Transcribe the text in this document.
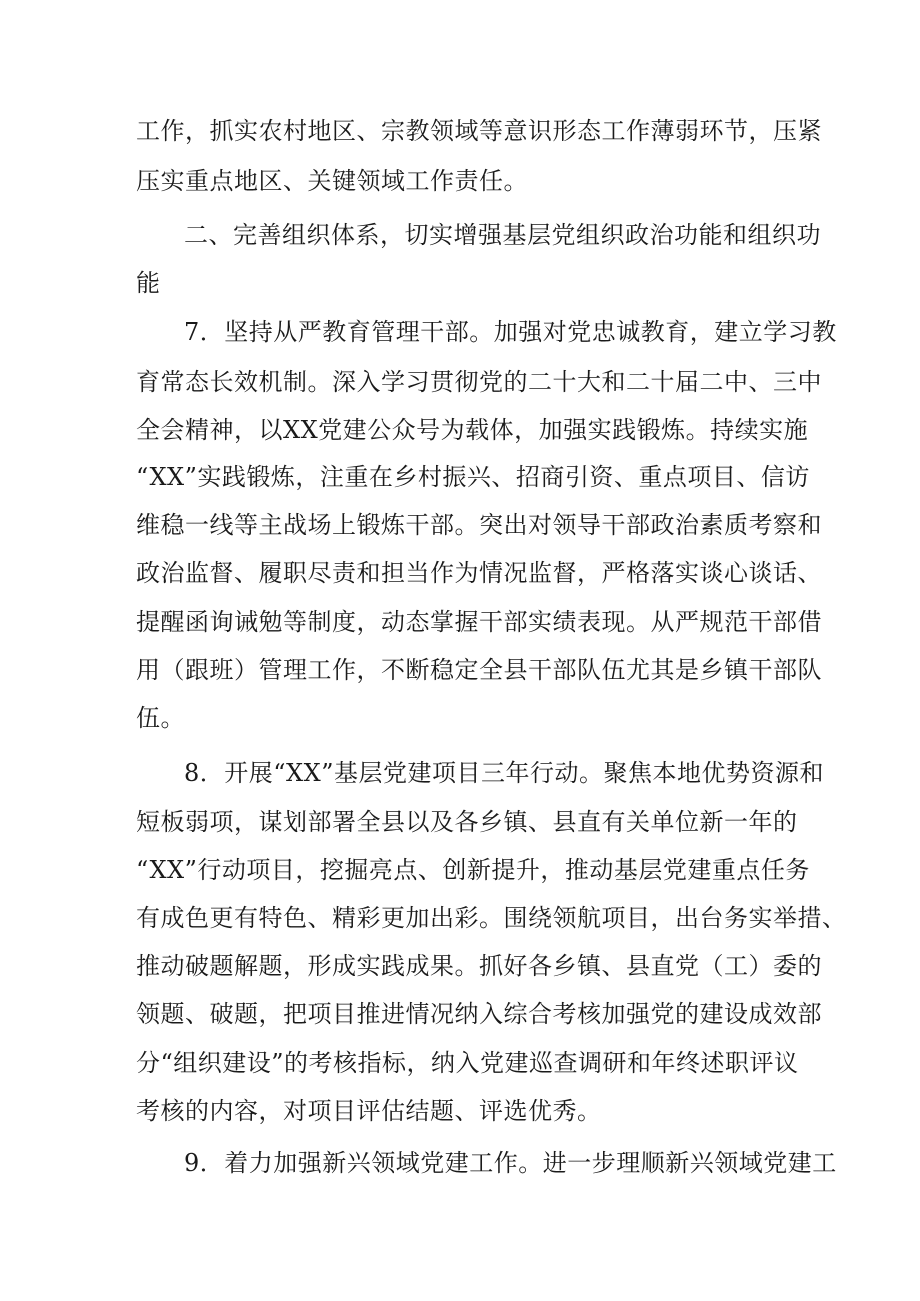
工作，抓实农村地区、宗教领域等意识形态工作薄弱环节，压紧
压实重点地区、关键领域工作责任。
二、完善组织体系，切实增强基层党组织政治功能和组织功
能
7．坚持从严教育管理干部。加强对党忠诚教育，建立学习教
育常态长效机制。深入学习贯彻党的二十大和二十届二中、三中
全会精神，以XX党建公众号为载体，加强实践锻炼。持续实施
“XX”实践锻炼，注重在乡村振兴、招商引资、重点项目、信访
维稳一线等主战场上锻炼干部。突出对领导干部政治素质考察和
政治监督、履职尽责和担当作为情况监督，严格落实谈心谈话、
提醒函询诫勉等制度，动态掌握干部实绩表现。从严规范干部借
用（跟班）管理工作，不断稳定全县干部队伍尤其是乡镇干部队
伍。
8．开展“XX”基层党建项目三年行动。聚焦本地优势资源和
短板弱项，谋划部署全县以及各乡镇、县直有关单位新一年的
“XX”行动项目，挖掘亮点、创新提升，推动基层党建重点任务
有成色更有特色、精彩更加出彩。围绕领航项目，出台务实举措、
推动破题解题，形成实践成果。抓好各乡镇、县直党（工）委的
领题、破题，把项目推进情况纳入综合考核加强党的建设成效部
分“组织建设”的考核指标，纳入党建巡查调研和年终述职评议
考核的内容，对项目评估结题、评选优秀。
9．着力加强新兴领域党建工作。进一步理顺新兴领域党建工
